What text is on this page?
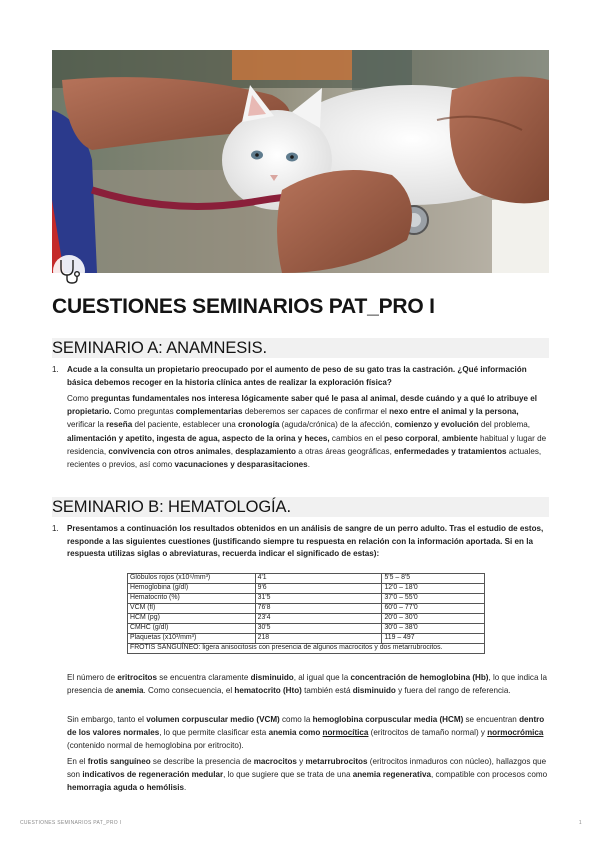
CUESTIONES SEMINARIOS PAT_PRO I
SEMINARIO A: ANAMNESIS.
1.	Acude a la consulta un propietario preocupado por el aumento de peso de su gato tras la castración. ¿Qué información básica debemos recoger en la historia clínica antes de realizar la exploración física?

Como preguntas fundamentales nos interesa lógicamente saber qué le pasa al animal, desde cuándo y a qué lo atribuye el propietario. Como preguntas complementarias deberemos ser capaces de confirmar el nexo entre el animal y la persona, verificar la reseña del paciente, establecer una cronología (aguda/crónica) de la afección, comienzo y evolución del problema, alimentación y apetito, ingesta de agua, aspecto de la orina y heces, cambios en el peso corporal, ambiente habitual y lugar de residencia, convivencia con otros animales, desplazamiento a otras áreas geográficas, enfermedades y tratamientos actuales, recientes o previos, así como vacunaciones y desparasitaciones.

SEMINARIO B: HEMATOLOGÍA.
1.	Presentamos a continuación los resultados obtenidos en un análisis de sangre de un perro adulto. Tras el estudio de estos, responde a las siguientes cuestiones (justificando siempre tu respuesta en relación con la información aportada. Si en la respuesta utilizas siglas o abreviaturas, recuerda indicar el significado de estas):
Glóbulos rojos (x10⁶/mm³)	4'1	5'5 – 8'5
Hemoglobina (g/dl)	9'6	12'0 – 18'0
Hematocrito (%)	31'5	37'0 – 55'0
VCM (fl)	76'8	60'0 – 77'0
HCM (pg)	23'4	20'0 – 30'0
CMHC (g/dl)	30'5	30'0 – 38'0
Plaquetas (x10³/mm³)	218	119 – 497
FROTIS SANGUÍNEO: ligera anisocitosis con presencia de algunos macrocitos y dos metarrubrocitos.		

El número de eritrocitos se encuentra claramente disminuido, al igual que la concentración de hemoglobina (Hb), lo que indica la presencia de anemia. Como consecuencia, el hematocrito (Hto) también está disminuido y fuera del rango de referencia.

Sin embargo, tanto el volumen corpuscular medio (VCM) como la hemoglobina corpuscular media (HCM) se encuentran dentro de los valores normales, lo que permite clasificar esta anemia como normocítica (eritrocitos de tamaño normal) y normocrómica (contenido normal de hemoglobina por eritrocito).

En el frotis sanguíneo se describe la presencia de macrocitos y metarrubrocitos (eritrocitos inmaduros con núcleo), hallazgos que son indicativos de regeneración medular, lo que sugiere que se trata de una anemia regenerativa, compatible con procesos como hemorragia aguda o hemólisis.

CUESTIONES SEMINARIOS PAT_PRO I	1
